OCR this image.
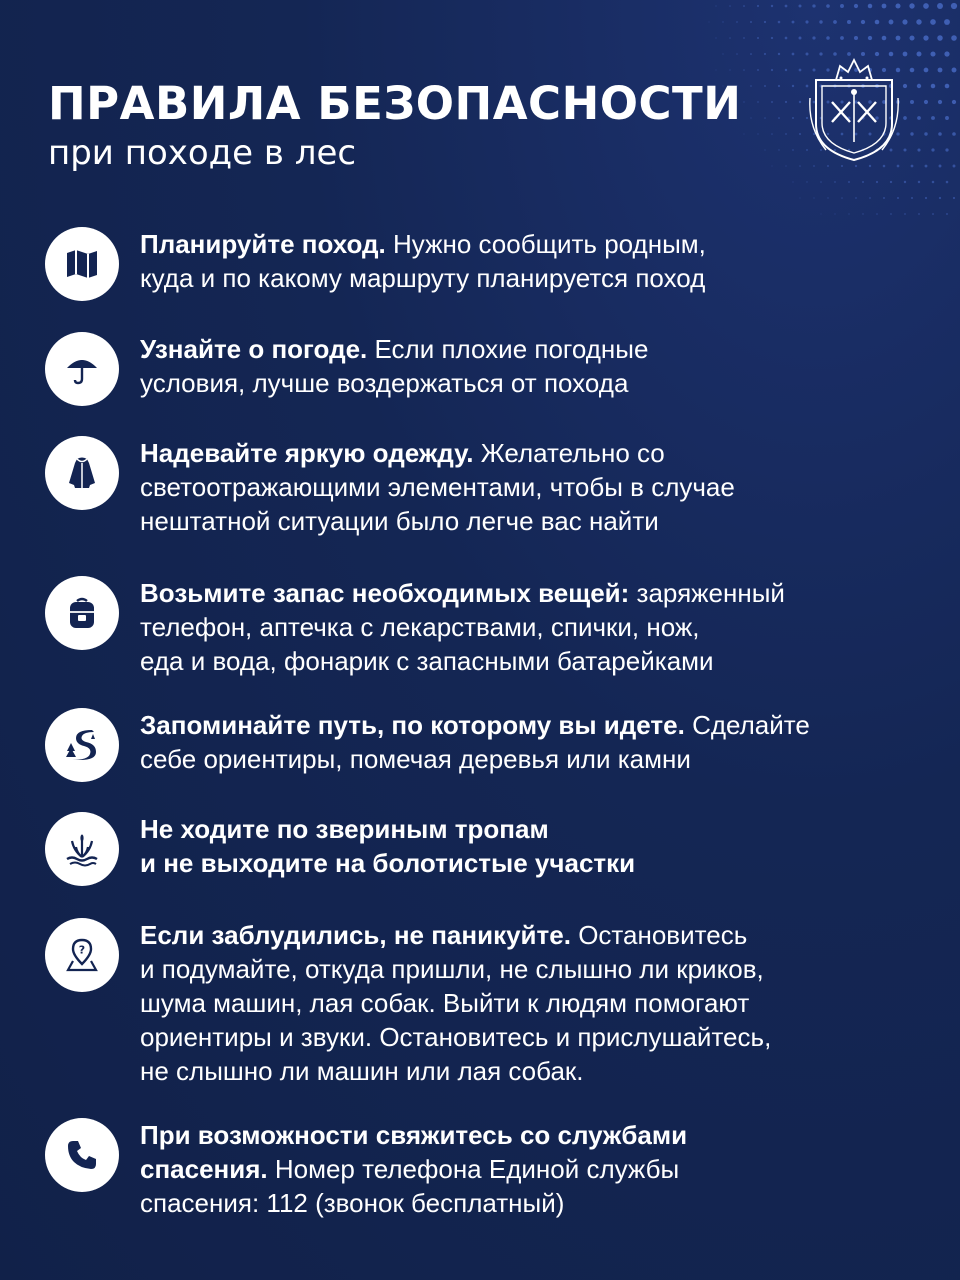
ПРАВИЛА БЕЗОПАСНОСТИ
при походе в лес
Планируйте поход. Нужно сообщить родным,
куда и по какому маршруту планируется поход
Узнайте о погоде. Если плохие погодные
условия, лучше воздержаться от похода
Надевайте яркую одежду. Желательно со
светоотражающими элементами, чтобы в случае
нештатной ситуации было легче вас найти
Возьмите запас необходимых вещей: заряженный
телефон, аптечка с лекарствами, спички, нож,
еда и вода, фонарик с запасными батарейками
Запоминайте путь, по которому вы идете. Сделайте
себе ориентиры, помечая деревья или камни
Не ходите по звериным тропам
и не выходите на болотистые участки
? Если заблудились, не паникуйте. Остановитесь
и подумайте, откуда пришли, не слышно ли криков,
шума машин, лая собак. Выйти к людям помогают
ориентиры и звуки. Остановитесь и прислушайтесь,
не слышно ли машин или лая собак.
При возможности свяжитесь со службами
спасения. Номер телефона Единой службы
спасения: 112 (звонок бесплатный)
